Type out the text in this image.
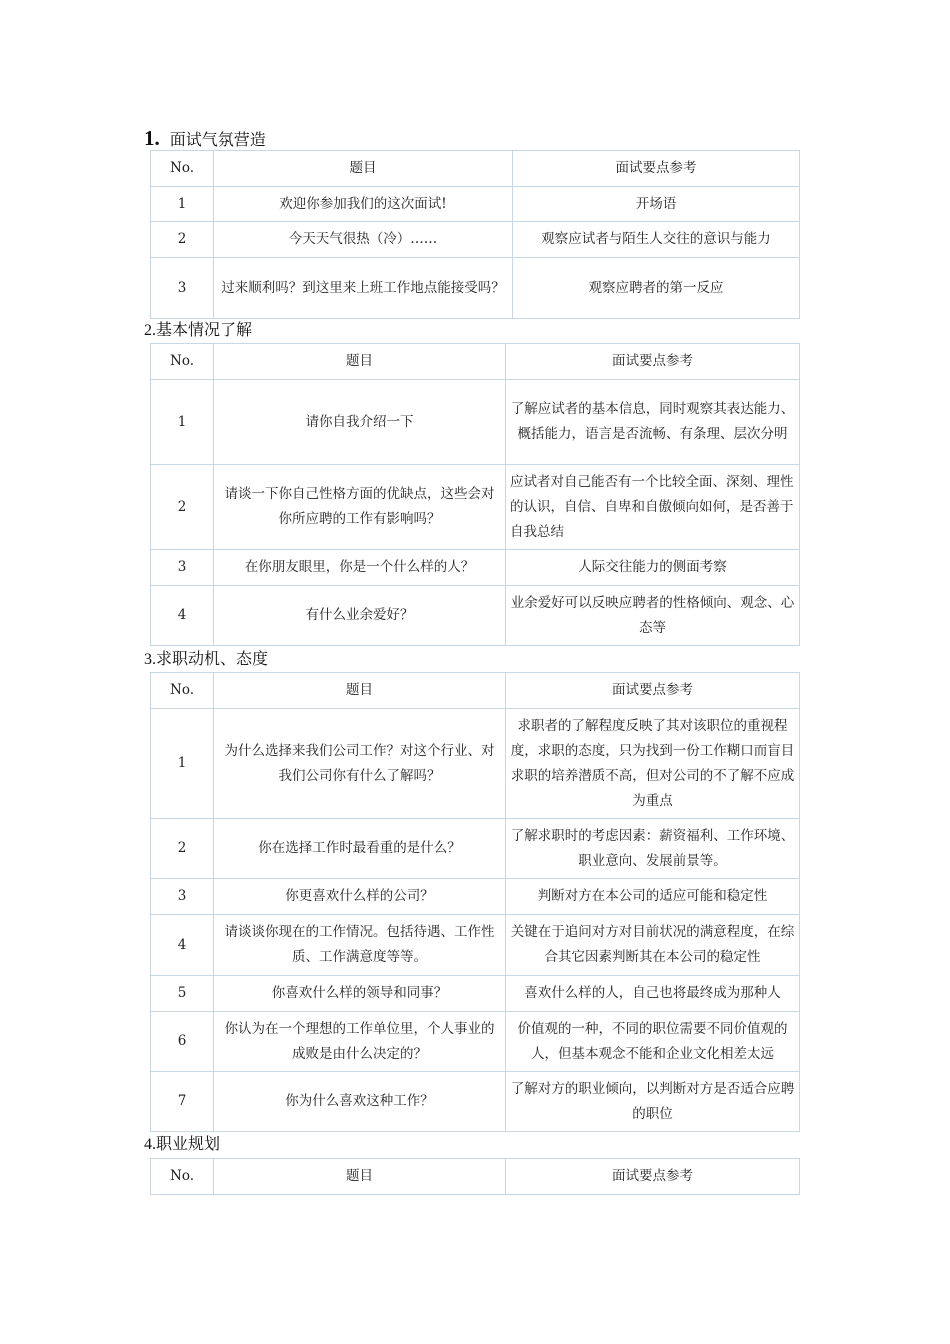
1. 面试气氛营造
No.	题目	面试要点参考
1	欢迎你参加我们的这次面试!	开场语
2	今天天气很热（冷）……	观察应试者与陌生人交往的意识与能力
3	过来顺利吗？到这里来上班工作地点能接受吗？	观察应聘者的第一反应
2.基本情况了解
No.	题目	面试要点参考
1	请你自我介绍一下	了解应试者的基本信息，同时观察其表达能力、概括能力，语言是否流畅、有条理、层次分明
2	请谈一下你自己性格方面的优缺点，这些会对你所应聘的工作有影响吗？	应试者对自己能否有一个比较全面、深刻、理性的认识，自信、自卑和自傲倾向如何，是否善于自我总结
3	在你朋友眼里，你是一个什么样的人？	人际交往能力的侧面考察
4	有什么业余爱好？	业余爱好可以反映应聘者的性格倾向、观念、心态等
3.求职动机、态度
No.	题目	面试要点参考
1	为什么选择来我们公司工作？对这个行业、对我们公司你有什么了解吗？	求职者的了解程度反映了其对该职位的重视程度，求职的态度，只为找到一份工作糊口而盲目求职的培养潜质不高，但对公司的不了解不应成为重点
2	你在选择工作时最看重的是什么？	了解求职时的考虑因素：薪资福利、工作环境、职业意向、发展前景等。
3	你更喜欢什么样的公司？	判断对方在本公司的适应可能和稳定性
4	请谈谈你现在的工作情况。包括待遇、工作性质、工作满意度等等。	关键在于追问对方对目前状况的满意程度，在综合其它因素判断其在本公司的稳定性
5	你喜欢什么样的领导和同事？	喜欢什么样的人，自己也将最终成为那种人
6	你认为在一个理想的工作单位里，个人事业的成败是由什么决定的？	价值观的一种，不同的职位需要不同价值观的人，但基本观念不能和企业文化相差太远
7	你为什么喜欢这种工作？	了解对方的职业倾向，以判断对方是否适合应聘的职位
4.职业规划
No.	题目	面试要点参考
